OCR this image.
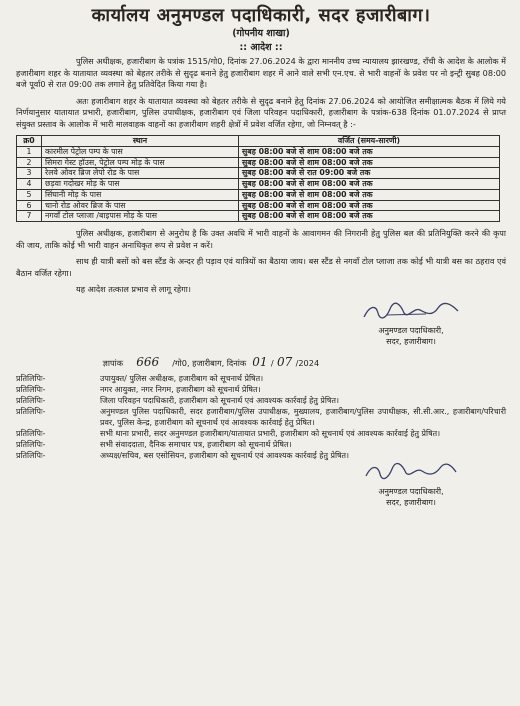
कार्यालय अनुमण्डल पदाधिकारी, सदर हजारीबाग।
(गोपनीय शाखा)
:: आदेश ::

पुलिस अधीक्षक, हजारीबाग के पत्रांक 1515/गो0, दिनांक 27.06.2024 के द्वारा माननीय उच्च न्यायालय झारखण्ड, राँची के आदेश के आलोक में हजारीबाग शहर के यातायात व्यवस्था को बेहतर तरीके से सुदृढ बनाने हेतु हजारीबाग शहर में आने वाले सभी एन.एच. से भारी वाहनों के प्रवेश पर नो इन्ट्री सुबह 08:00 बजे पूर्वा0 से रात 09:00 तक लगाने हेतु प्रतिवेदित किया गया है।

अतः हजारीबाग शहर के यातायात व्यवस्था को बेहतर तरीके से सुदृढ बनाने हेतु दिनांक 27.06.2024 को आयोजित समीक्षात्मक बैठक में लिये गये निर्णयानुसार यातायात प्रभारी, हजारीबाग, पुलिस उपाधीक्षक, हजारीबाग एवं जिला परिवहन पदाधिकारी, हजारीबाग के पत्रांक-638 दिनांक 01.07.2024 से प्राप्त संयुक्त प्रस्ताव के आलोक में भारी मालवाहक वाहनों का हजारीबाग शहरी क्षेत्रों में प्रवेश वर्जित रहेगा, जो निम्नवत् है :-

क्र0	स्थान	वर्जित (समय-सारणी)
1	कारमील पेट्रोल पम्प के पास	सुबह 08:00 बजे से शाम 08:00 बजे तक
2	सिमरा गेस्ट हॉउस, पेट्रोल पम्प मोड़ के पास	सुबह 08:00 बजे से शाम 08:00 बजे तक
3	रेलवे ओवर ब्रिज लेपो रोड के पास	सुबह 08:00 बजे से रात 09:00 बजे तक
4	छड़वा गदोखर मोड़ के पास	सुबह 08:00 बजे से शाम 08:00 बजे तक
5	सिंघानी मोड़ के पास	सुबह 08:00 बजे से शाम 08:00 बजे तक
6	चानो रोड ओवर ब्रिज के पास	सुबह 08:00 बजे से शाम 08:00 बजे तक
7	नगवाँ टोल प्लाजा /बाइपास मोड़ के पास	सुबह 08:00 बजे से शाम 08:00 बजे तक

पुलिस अधीक्षक, हजारीबाग से अनुरोध है कि उक्त अवधि में भारी वाहनों के आवागमन की निगरानी हेतु पुलिस बल की प्रतिनियुक्ति करने की कृपा की जाय, ताकि कोई भी भारी वाहन अनाधिकृत रूप से प्रवेश न करें।

साथ ही यात्री बसों को बस स्टैंड के अन्दर ही पड़ाव एवं यात्रियों का बैठाया जाय। बस स्टैंड से नगवाँ टोल प्लाजा तक कोई भी यात्री बस का ठहराव एवं बैठान वर्जित रहेगा।

यह आदेश तत्काल प्रभाव से लागू रहेगा।

अनुमण्डल पदाधिकारी,
सदर, हजारीबाग।
ज्ञापांक 666 /गो0, हजारीबाग, दिनांक 01 / 07 /2024
प्रतिलिपिः-	उपायुक्त/ पुलिस अधीक्षक, हजारीबाग को सूचनार्थ प्रेषित।
प्रतिलिपिः-	नगर आयुक्त, नगर निगम, हजारीबाग को सूचनार्थ प्रेषित।
प्रतिलिपिः-	जिला परिवहन पदाधिकारी, हजारीबाग को सूचनार्थ एवं आवश्यक कार्रवाई हेतु प्रेषित।
प्रतिलिपिः-	अनुमण्डल पुलिस पदाधिकारी, सदर हजारीबाग/पुलिस उपाधीक्षक, मुख्यालय, हजारीबाग/पुलिस उपाधीक्षक, सी.सी.आर., हजारीबाग/परिचारी प्रवर, पुलिस केन्द्र, हजारीबाग को सूचनार्थ एवं आवश्यक कार्रवाई हेतु प्रेषित।
प्रतिलिपिः-	सभी थाना प्रभारी, सदर अनुमण्डल हजारीबाग/यातायात प्रभारी, हजारीबाग को सूचनार्थ एवं आवश्यक कार्रवाई हेतु प्रेषित।
प्रतिलिपिः-	सभी संवाददाता, दैनिक समाचार पत्र, हजारीबाग को सूचनार्थ प्रेषित।
प्रतिलिपिः-	अध्यक्ष/सचिव, बस एसोसियन, हजारीबाग को सूचनार्थ एवं आवश्यक कार्रवाई हेतु प्रेषित।
अनुमण्डल पदाधिकारी,
सदर, हजारीबाग।
